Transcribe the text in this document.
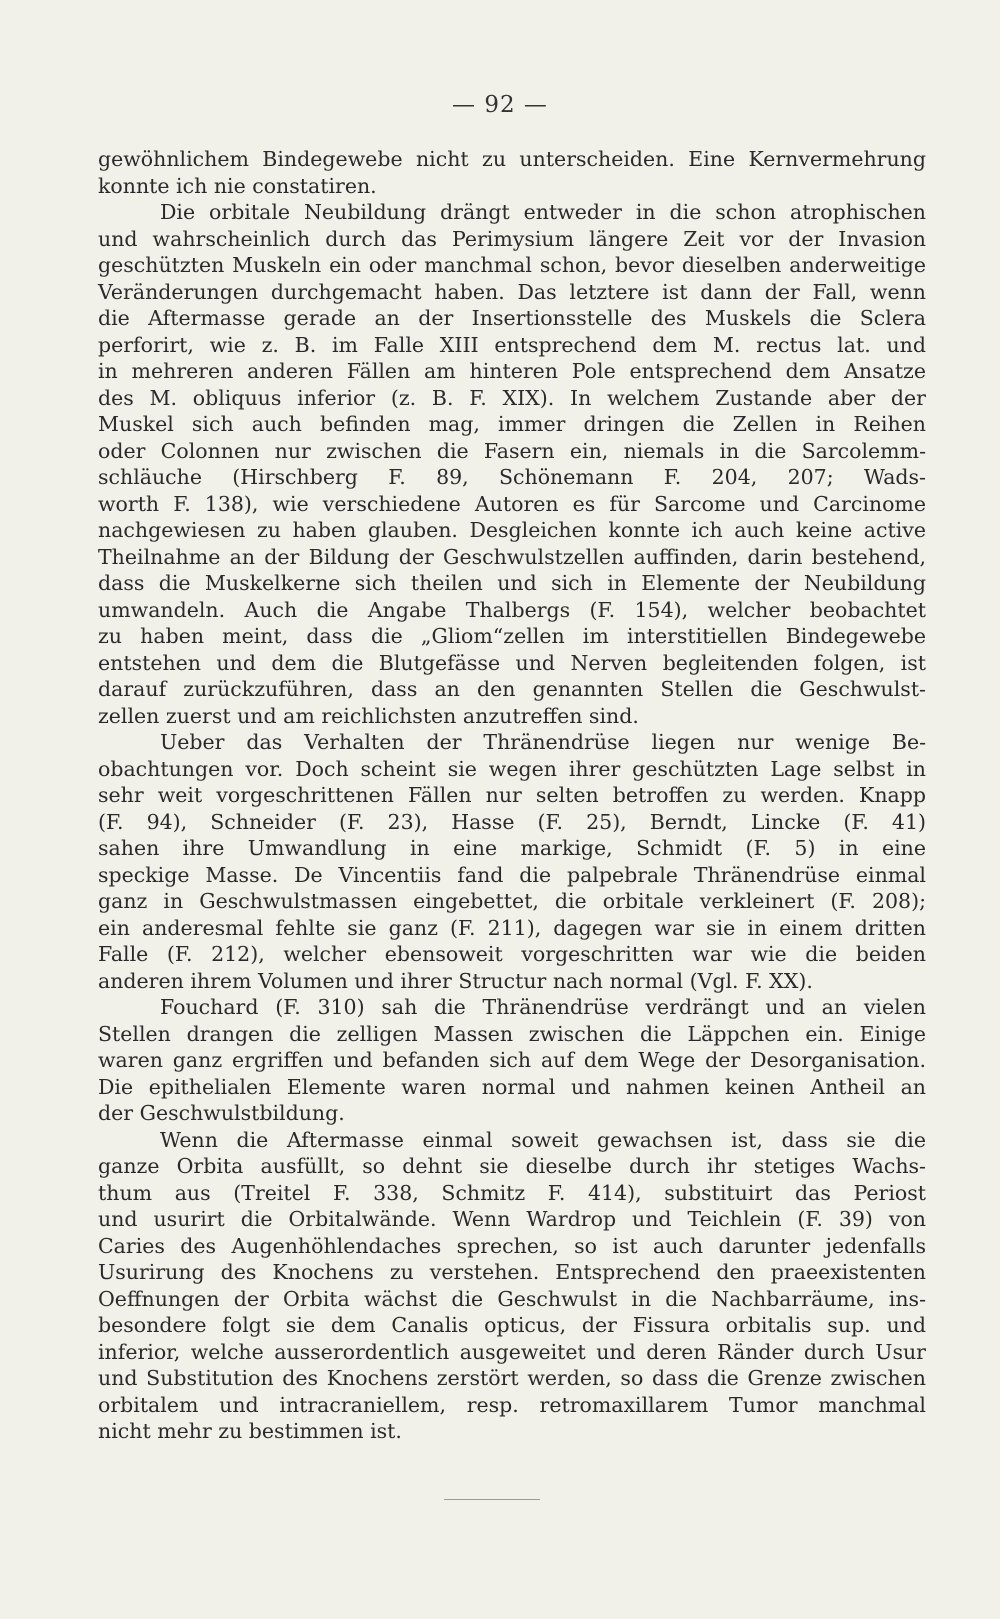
— 92 —
gewöhnlichem Bindegewebe nicht zu unterscheiden. Eine Kernvermehrung
konnte ich nie constatiren.
Die orbitale Neubildung drängt entweder in die schon atrophischen
und wahrscheinlich durch das Perimysium längere Zeit vor der Invasion
geschützten Muskeln ein oder manchmal schon, bevor dieselben anderweitige
Veränderungen durchgemacht haben. Das letztere ist dann der Fall, wenn
die Aftermasse gerade an der Insertionsstelle des Muskels die Sclera
perforirt, wie z. B. im Falle XIII entsprechend dem M. rectus lat. und
in mehreren anderen Fällen am hinteren Pole entsprechend dem Ansatze
des M. obliquus inferior (z. B. F. XIX). In welchem Zustande aber der
Muskel sich auch befinden mag, immer dringen die Zellen in Reihen
oder Colonnen nur zwischen die Fasern ein, niemals in die Sarcolemm-
schläuche (Hirschberg F. 89, Schönemann F. 204, 207; Wads-
worth F. 138), wie verschiedene Autoren es für Sarcome und Carcinome
nachgewiesen zu haben glauben. Desgleichen konnte ich auch keine active
Theilnahme an der Bildung der Geschwulstzellen auffinden, darin bestehend,
dass die Muskelkerne sich theilen und sich in Elemente der Neubildung
umwandeln. Auch die Angabe Thalbergs (F. 154), welcher beobachtet
zu haben meint, dass die „Gliom“zellen im interstitiellen Bindegewebe
entstehen und dem die Blutgefässe und Nerven begleitenden folgen, ist
darauf zurückzuführen, dass an den genannten Stellen die Geschwulst-
zellen zuerst und am reichlichsten anzutreffen sind.
Ueber das Verhalten der Thränendrüse liegen nur wenige Be-
obachtungen vor. Doch scheint sie wegen ihrer geschützten Lage selbst in
sehr weit vorgeschrittenen Fällen nur selten betroffen zu werden. Knapp
(F. 94), Schneider (F. 23), Hasse (F. 25), Berndt, Lincke (F. 41)
sahen ihre Umwandlung in eine markige, Schmidt (F. 5) in eine
speckige Masse. De Vincentiis fand die palpebrale Thränendrüse einmal
ganz in Geschwulstmassen eingebettet, die orbitale verkleinert (F. 208);
ein anderesmal fehlte sie ganz (F. 211), dagegen war sie in einem dritten
Falle (F. 212), welcher ebensoweit vorgeschritten war wie die beiden
anderen ihrem Volumen und ihrer Structur nach normal (Vgl. F. XX).
Fouchard (F. 310) sah die Thränendrüse verdrängt und an vielen
Stellen drangen die zelligen Massen zwischen die Läppchen ein. Einige
waren ganz ergriffen und befanden sich auf dem Wege der Desorganisation.
Die epithelialen Elemente waren normal und nahmen keinen Antheil an
der Geschwulstbildung.
Wenn die Aftermasse einmal soweit gewachsen ist, dass sie die
ganze Orbita ausfüllt, so dehnt sie dieselbe durch ihr stetiges Wachs-
thum aus (Treitel F. 338, Schmitz F. 414), substituirt das Periost
und usurirt die Orbitalwände. Wenn Wardrop und Teichlein (F. 39) von
Caries des Augenhöhlendaches sprechen, so ist auch darunter jedenfalls
Usurirung des Knochens zu verstehen. Entsprechend den praeexistenten
Oeffnungen der Orbita wächst die Geschwulst in die Nachbarräume, ins-
besondere folgt sie dem Canalis opticus, der Fissura orbitalis sup. und
inferior, welche ausserordentlich ausgeweitet und deren Ränder durch Usur
und Substitution des Knochens zerstört werden, so dass die Grenze zwischen
orbitalem und intracraniellem, resp. retromaxillarem Tumor manchmal
nicht mehr zu bestimmen ist.
